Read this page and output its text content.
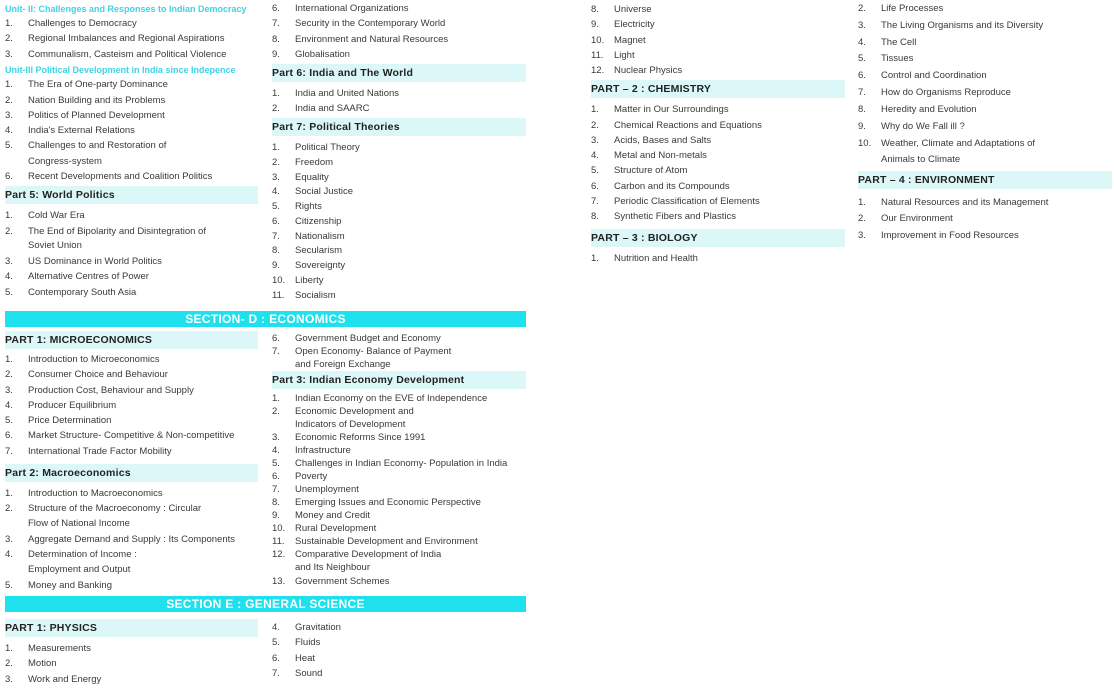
Unit- II: Challenges and Responses to Indian Democracy
1. Challenges to Democracy
2. Regional Imbalances and Regional Aspirations
3. Communalism, Casteism and Political Violence
Unit-III Political Development in India since Indepence
1. The Era of One-party Dominance
2. Nation Building and its Problems
3. Politics of Planned Development
4. India's External Relations
5. Challenges to and Restoration of
Congress-system
6. Recent Developments and Coalition Politics
Part 5: World Politics
1. Cold War Era
2. The End of Bipolarity and Disintegration of
Soviet Union
3. US Dominance in World Politics
4. Alternative Centres of Power
5. Contemporary South Asia
6. International Organizations
7. Security in the Contemporary World
8. Environment and Natural Resources
9. Globalisation
Part 6: India and The World
1. India and United Nations
2. India and SAARC
Part 7: Political Theories
1. Political Theory
2. Freedom
3. Equality
4. Social Justice
5. Rights
6. Citizenship
7. Nationalism
8. Secularism
9. Sovereignty
10. Liberty
11. Socialism
SECTION- D : ECONOMICS
PART 1: MICROECONOMICS
1. Introduction to Microeconomics
2. Consumer Choice and Behaviour
3. Production Cost, Behaviour and Supply
4. Producer Equilibrium
5. Price Determination
6. Market Structure- Competitive & Non-competitive
7. International Trade Factor Mobility
Part 2: Macroeconomics
1. Introduction to Macroeconomics
2. Structure of the Macroeconomy : Circular
Flow of National Income
3. Aggregate Demand and Supply : Its Components
4. Determination of Income :
Employment and Output
5. Money and Banking
6. Government Budget and Economy
7. Open Economy- Balance of Payment
and Foreign Exchange
Part 3: Indian Economy Development
1. Indian Economy on the EVE of Independence
2. Economic Development and
Indicators of Development
3. Economic Reforms Since 1991
4. Infrastructure
5. Challenges in Indian Economy- Population in India
6. Poverty
7. Unemployment
8. Emerging Issues and Economic Perspective
9. Money and Credit
10. Rural Development
11. Sustainable Development and Environment
12. Comparative Development of India
and Its Neighbour
13. Government Schemes
SECTION E : GENERAL SCIENCE
PART 1: PHYSICS
1. Measurements
2. Motion
3. Work and Energy
4. Gravitation
5. Fluids
6. Heat
7. Sound
8. Universe
9. Electricity
10. Magnet
11. Light
12. Nuclear Physics
PART – 2 : CHEMISTRY
1. Matter in Our Surroundings
2. Chemical Reactions and Equations
3. Acids, Bases and Salts
4. Metal and Non-metals
5. Structure of Atom
6. Carbon and its Compounds
7. Periodic Classification of Elements
8. Synthetic Fibers and Plastics
PART – 3 : BIOLOGY
1. Nutrition and Health
2. Life Processes
3. The Living Organisms and its Diversity
4. The Cell
5. Tissues
6. Control and Coordination
7. How do Organisms Reproduce
8. Heredity and Evolution
9. Why do We Fall ill ?
10. Weather, Climate and Adaptations of
Animals to Climate
PART – 4 : ENVIRONMENT
1. Natural Resources and its Management
2. Our Environment
3. Improvement in Food Resources
